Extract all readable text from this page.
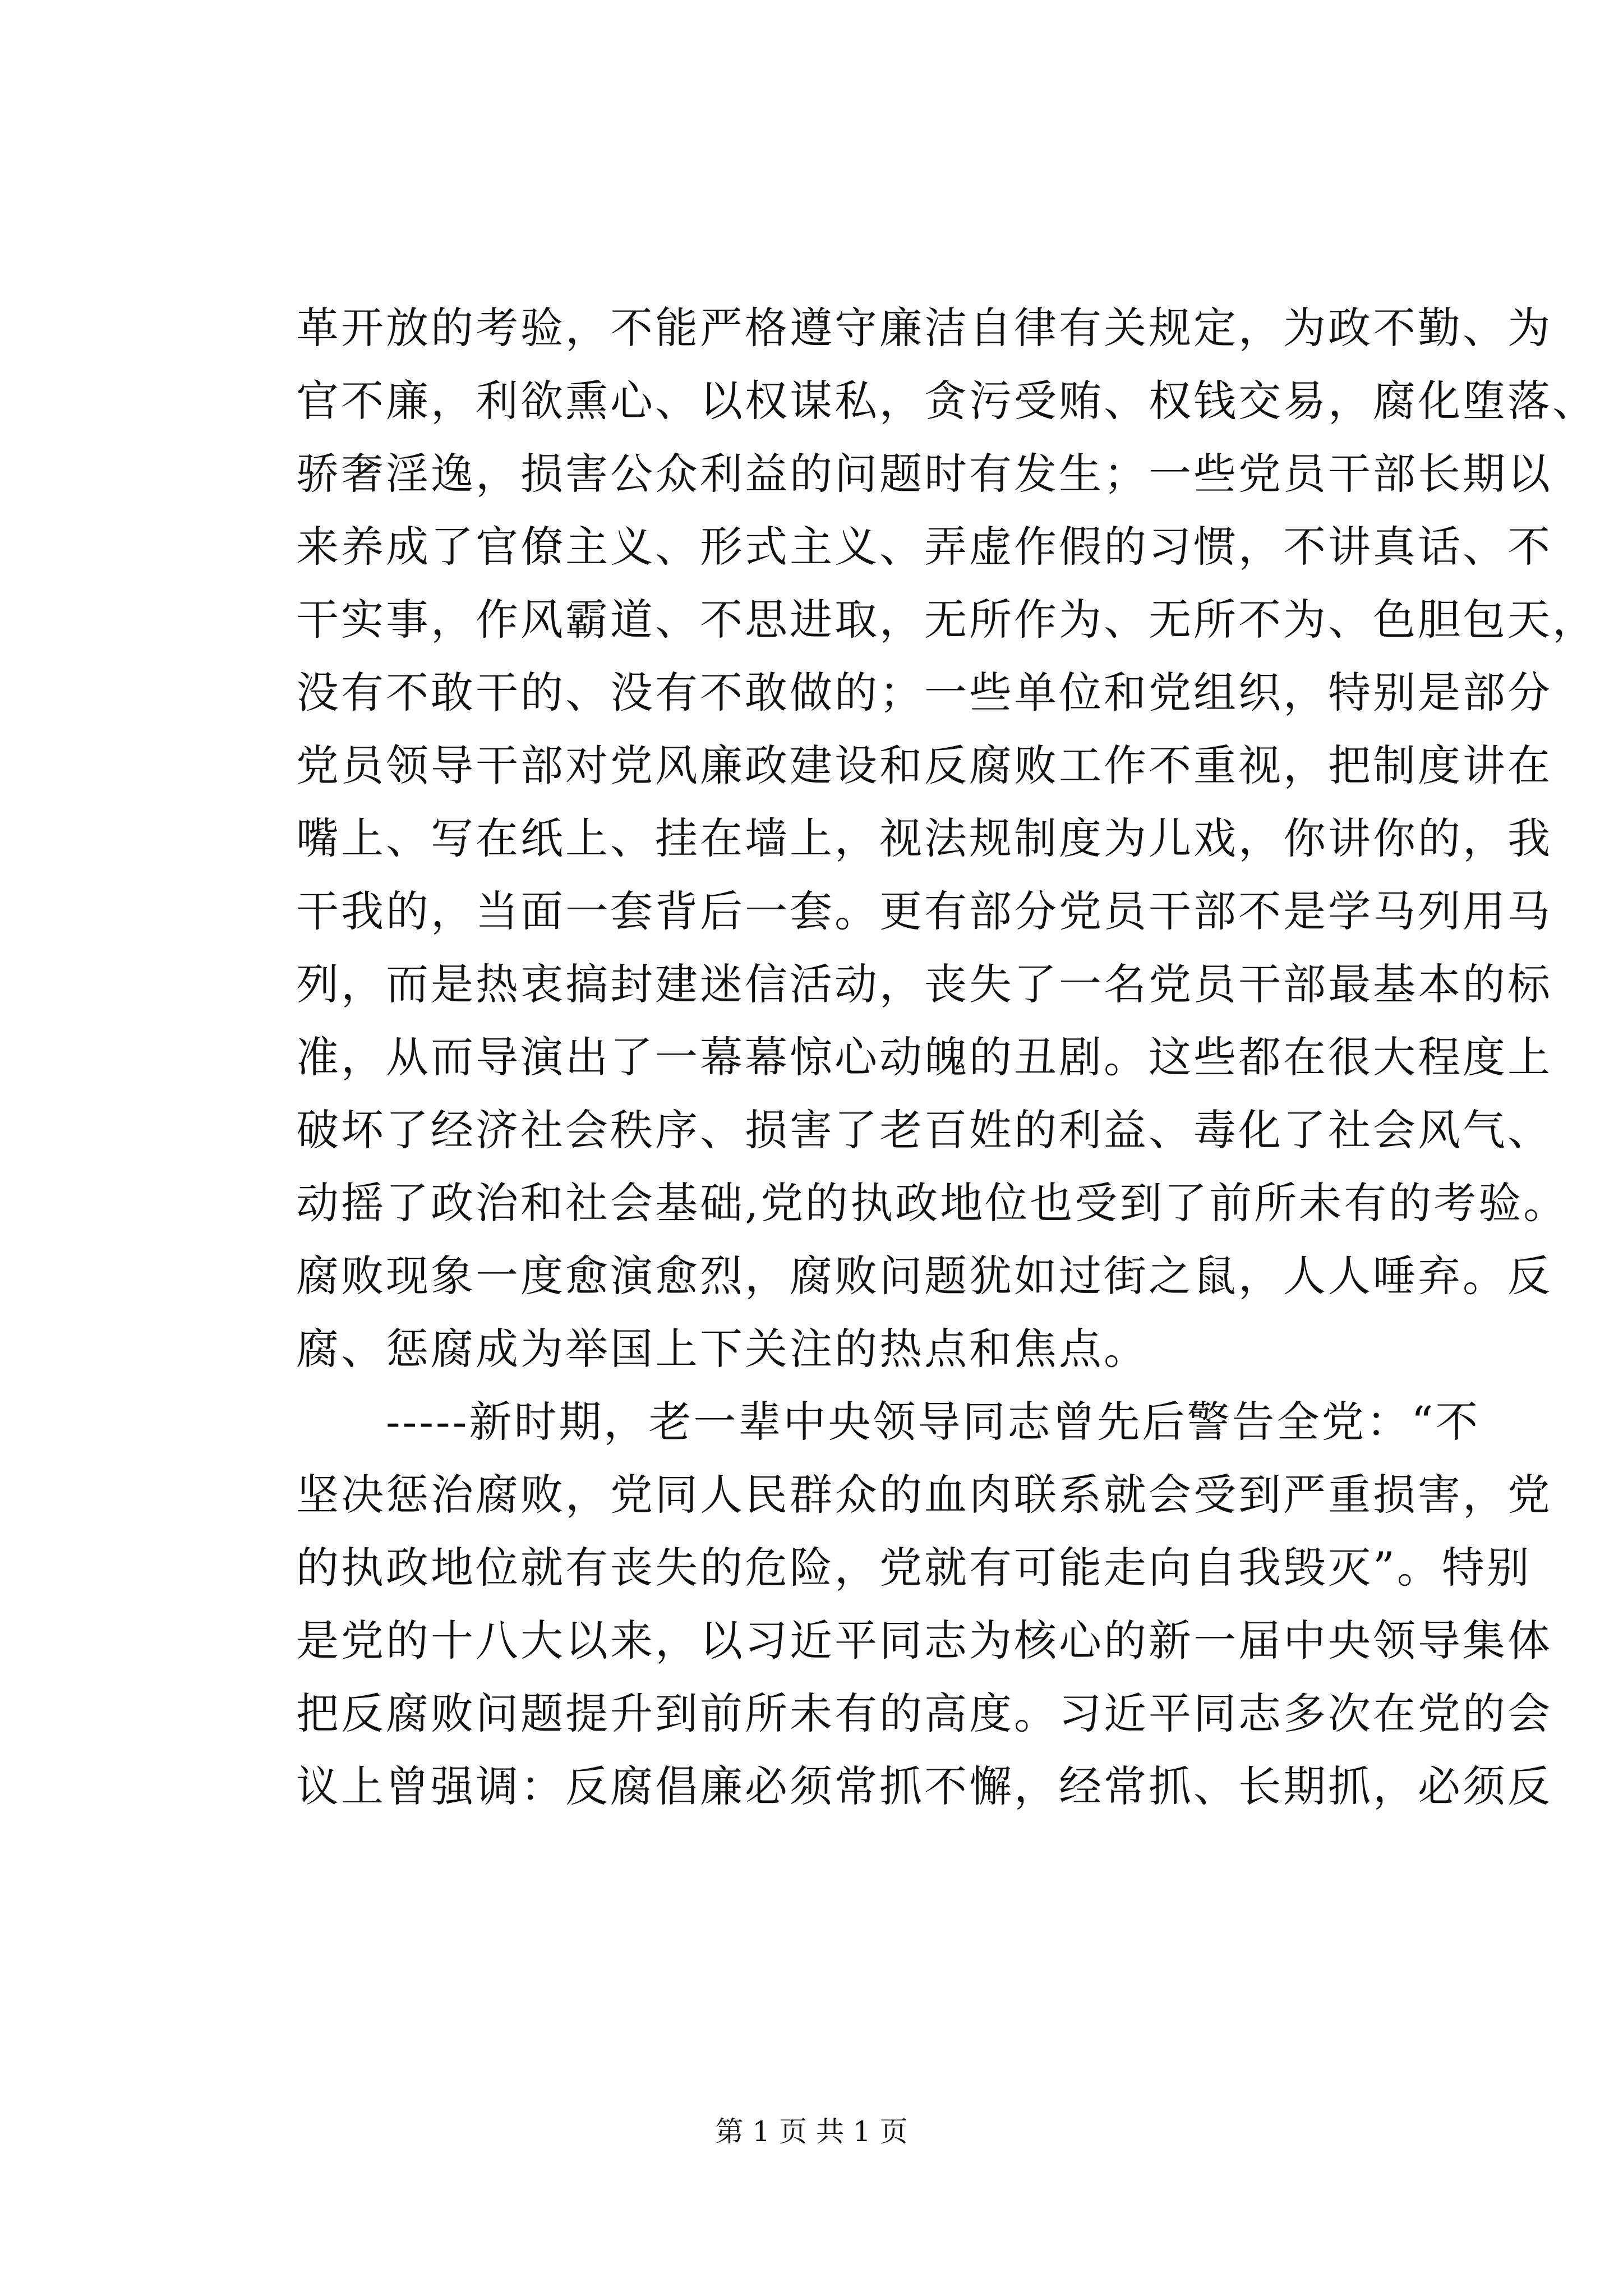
革开放的考验，不能严格遵守廉洁自律有关规定，为政不勤、为
官不廉，利欲熏心、以权谋私，贪污受贿、权钱交易，腐化堕落、
骄奢淫逸，损害公众利益的问题时有发生；一些党员干部长期以
来养成了官僚主义、形式主义、弄虚作假的习惯，不讲真话、不
干实事，作风霸道、不思进取，无所作为、无所不为、色胆包天，
没有不敢干的、没有不敢做的；一些单位和党组织，特别是部分
党员领导干部对党风廉政建设和反腐败工作不重视，把制度讲在
嘴上、写在纸上、挂在墙上，视法规制度为儿戏，你讲你的，我
干我的，当面一套背后一套。更有部分党员干部不是学马列用马
列，而是热衷搞封建迷信活动，丧失了一名党员干部最基本的标
准，从而导演出了一幕幕惊心动魄的丑剧。这些都在很大程度上
破坏了经济社会秩序、损害了老百姓的利益、毒化了社会风气、
动摇了政治和社会基础,党的执政地位也受到了前所未有的考验。
腐败现象一度愈演愈烈，腐败问题犹如过街之鼠，人人唾弃。反
腐、惩腐成为举国上下关注的热点和焦点。
-----新时期，老一辈中央领导同志曾先后警告全党：“不
坚决惩治腐败，党同人民群众的血肉联系就会受到严重损害，党
的执政地位就有丧失的危险，党就有可能走向自我毁灭”。特别
是党的十八大以来，以习近平同志为核心的新一届中央领导集体
把反腐败问题提升到前所未有的高度。习近平同志多次在党的会
议上曾强调：反腐倡廉必须常抓不懈，经常抓、长期抓，必须反
第 1 页 共 1 页
